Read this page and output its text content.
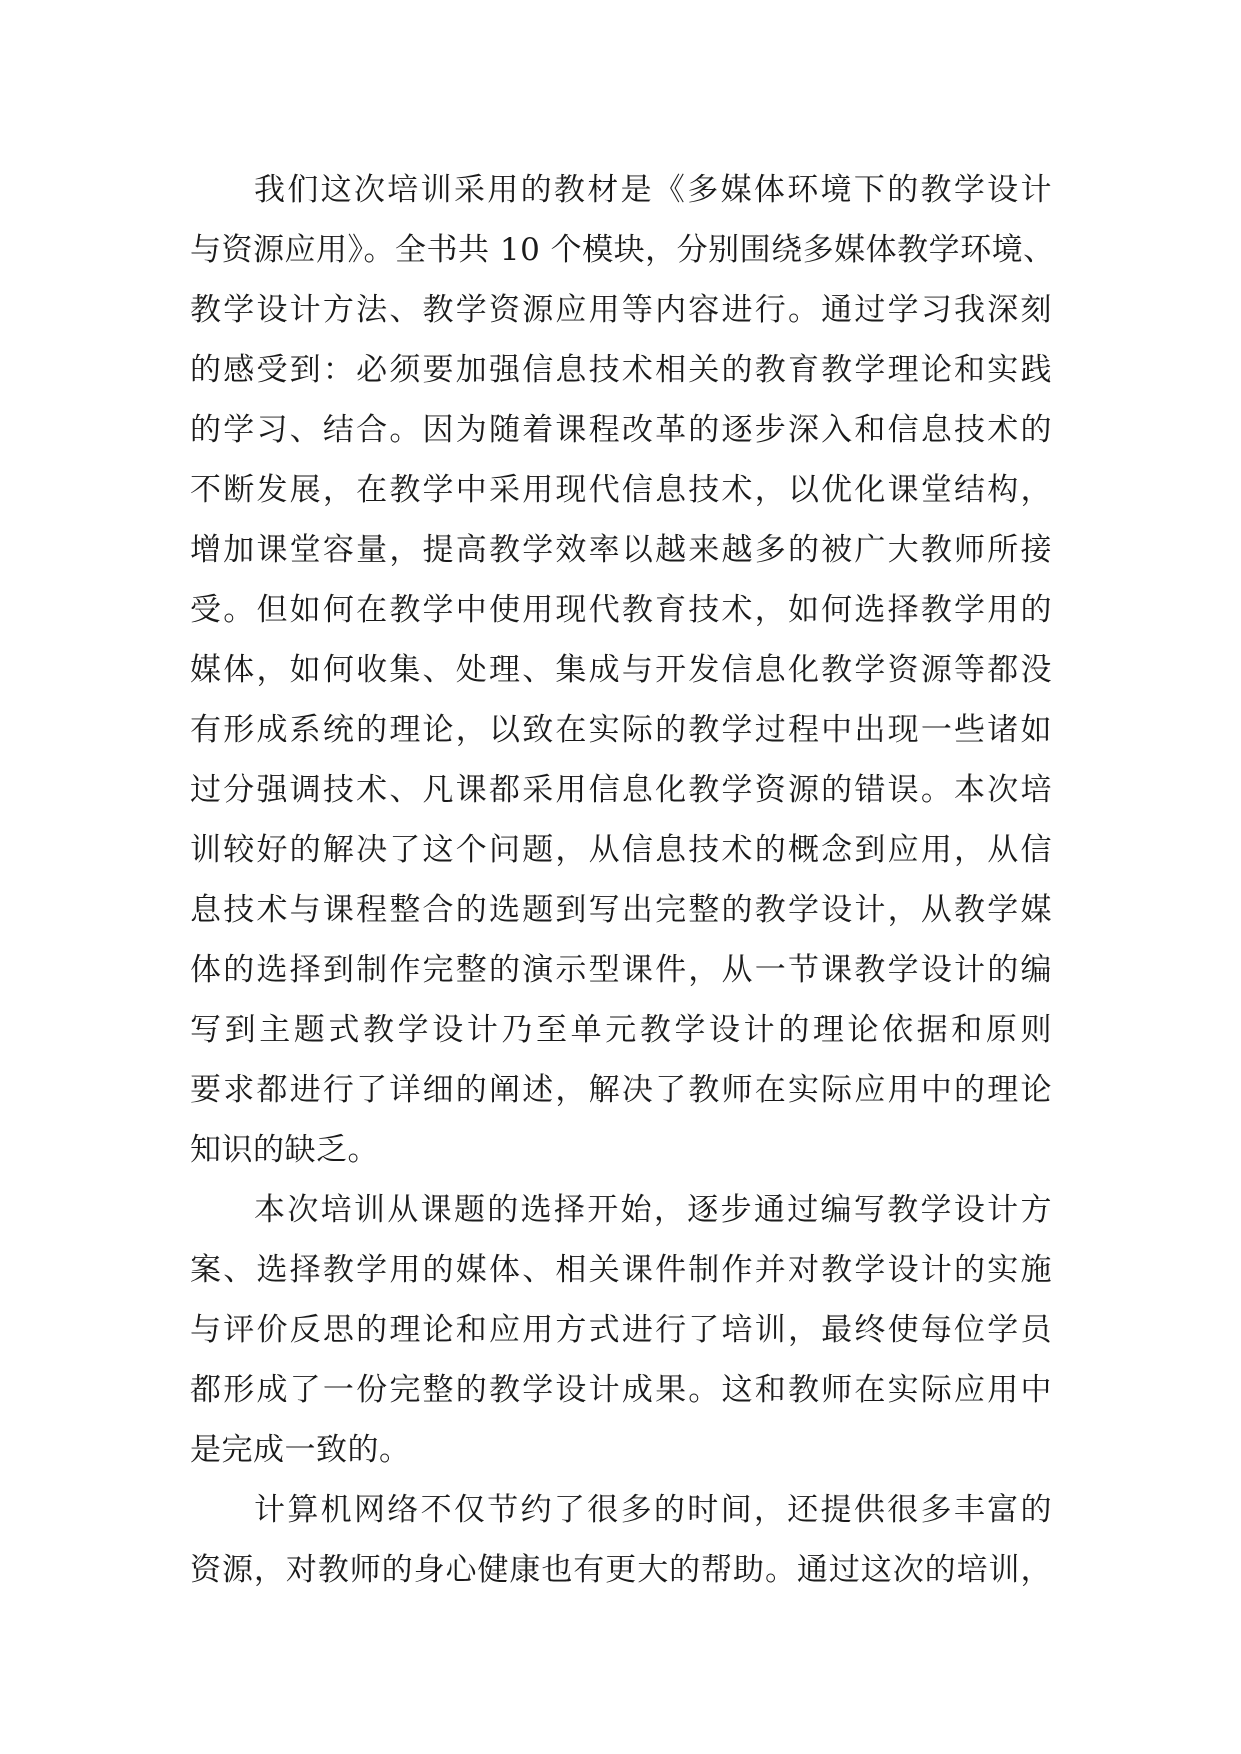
我们这次培训采用的教材是《多媒体环境下的教学设计
与资源应用》。全书共 10 个模块，分别围绕多媒体教学环境、
教学设计方法、教学资源应用等内容进行。通过学习我深刻
的感受到：必须要加强信息技术相关的教育教学理论和实践
的学习、结合。因为随着课程改革的逐步深入和信息技术的
不断发展，在教学中采用现代信息技术，以优化课堂结构，
增加课堂容量，提高教学效率以越来越多的被广大教师所接
受。但如何在教学中使用现代教育技术，如何选择教学用的
媒体，如何收集、处理、集成与开发信息化教学资源等都没
有形成系统的理论，以致在实际的教学过程中出现一些诸如
过分强调技术、凡课都采用信息化教学资源的错误。本次培
训较好的解决了这个问题，从信息技术的概念到应用，从信
息技术与课程整合的选题到写出完整的教学设计，从教学媒
体的选择到制作完整的演示型课件，从一节课教学设计的编
写到主题式教学设计乃至单元教学设计的理论依据和原则
要求都进行了详细的阐述，解决了教师在实际应用中的理论
知识的缺乏。
本次培训从课题的选择开始，逐步通过编写教学设计方
案、选择教学用的媒体、相关课件制作并对教学设计的实施
与评价反思的理论和应用方式进行了培训，最终使每位学员
都形成了一份完整的教学设计成果。这和教师在实际应用中
是完成一致的。
计算机网络不仅节约了很多的时间，还提供很多丰富的
资源，对教师的身心健康也有更大的帮助。通过这次的培训，
